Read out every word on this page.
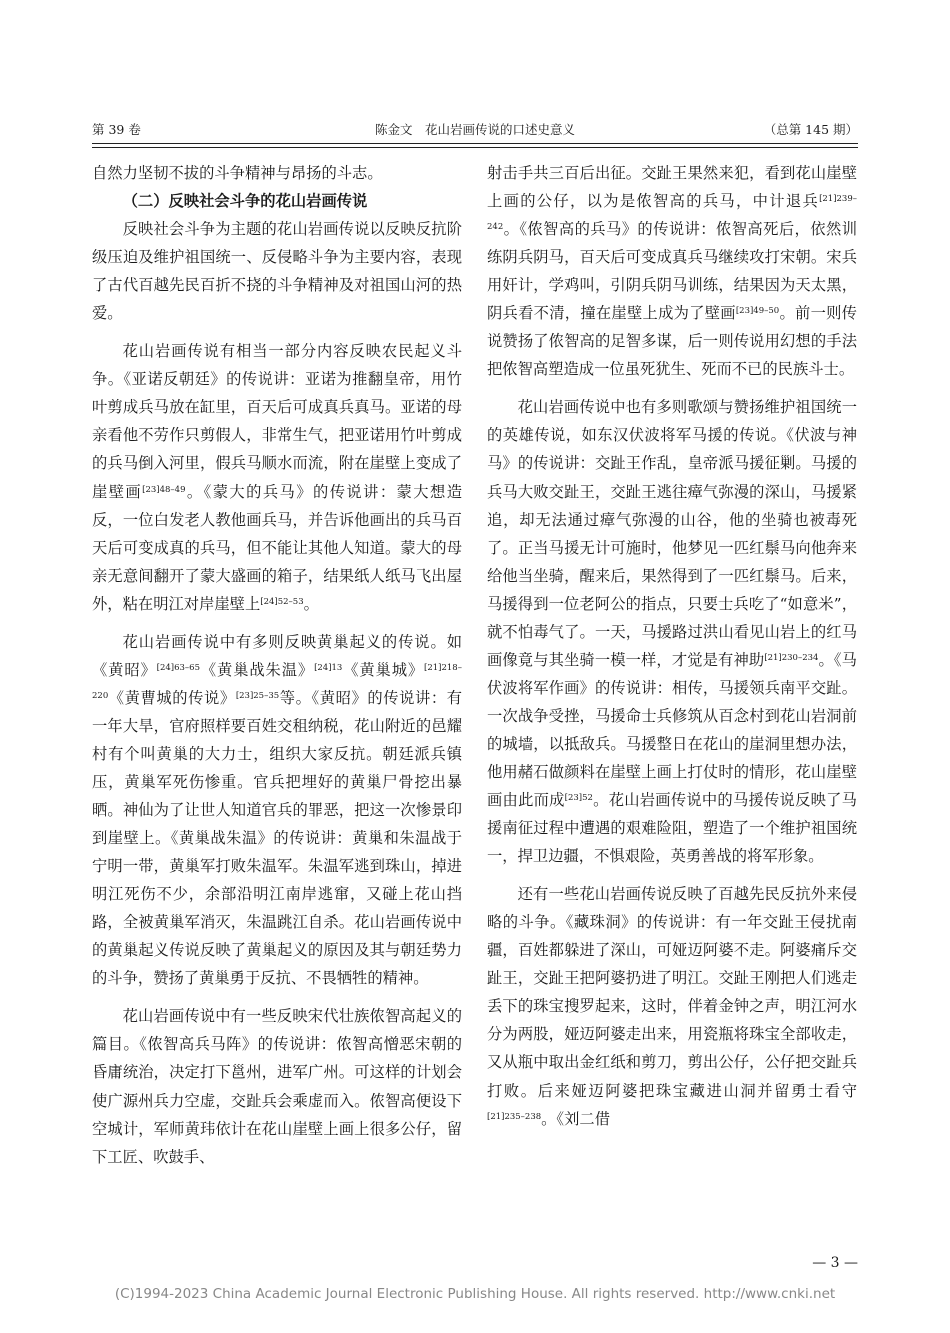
第 39 卷	陈金文　花山岩画传说的口述史意义	（总第 145 期）

自然力坚韧不拔的斗争精神与昂扬的斗志。

（二）反映社会斗争的花山岩画传说

反映社会斗争为主题的花山岩画传说以反映反抗阶级压迫及维护祖国统一、反侵略斗争为主要内容，表现了古代百越先民百折不挠的斗争精神及对祖国山河的热爱。

花山岩画传说有相当一部分内容反映农民起义斗争。《亚诺反朝廷》的传说讲：亚诺为推翻皇帝，用竹叶剪成兵马放在缸里，百天后可成真兵真马。亚诺的母亲看他不劳作只剪假人，非常生气，把亚诺用竹叶剪成的兵马倒入河里，假兵马顺水而流，附在崖壁上变成了崖壁画$^{[23]48-49}$。《蒙大的兵马》的传说讲：蒙大想造反，一位白发老人教他画兵马，并告诉他画出的兵马百天后可变成真的兵马，但不能让其他人知道。蒙大的母亲无意间翻开了蒙大盛画的箱子，结果纸人纸马飞出屋外，粘在明江对岸崖壁上$^{[24]52-53}$。

花山岩画传说中有多则反映黄巢起义的传说。如《黄昭》$^{[24]63-65}$《黄巢战朱温》$^{[24]13}$《黄巢城》$^{[21]218-220}$《黄曹城的传说》$^{[23]25-35}$等。《黄昭》的传说讲：有一年大旱，官府照样要百姓交租纳税，花山附近的邑耀村有个叫黄巢的大力士，组织大家反抗。朝廷派兵镇压，黄巢军死伤惨重。官兵把埋好的黄巢尸骨挖出暴晒。神仙为了让世人知道官兵的罪恶，把这一次惨景印到崖壁上。《黄巢战朱温》的传说讲：黄巢和朱温战于宁明一带，黄巢军打败朱温军。朱温军逃到珠山，掉进明江死伤不少，余部沿明江南岸逃窜，又碰上花山挡路，全被黄巢军消灭，朱温跳江自杀。花山岩画传说中的黄巢起义传说反映了黄巢起义的原因及其与朝廷势力的斗争，赞扬了黄巢勇于反抗、不畏牺牲的精神。

花山岩画传说中有一些反映宋代壮族侬智高起义的篇目。《侬智高兵马阵》的传说讲：侬智高憎恶宋朝的昏庸统治，决定打下邕州，进军广州。可这样的计划会使广源州兵力空虚，交趾兵会乘虚而入。侬智高便设下空城计，军师黄玮依计在花山崖壁上画上很多公仔，留下工匠、吹鼓手、

射击手共三百后出征。交趾王果然来犯，看到花山崖壁上画的公仔，以为是侬智高的兵马，中计退兵$^{[21]239-242}$。《侬智高的兵马》的传说讲：侬智高死后，依然训练阴兵阴马，百天后可变成真兵马继续攻打宋朝。宋兵用奸计，学鸡叫，引阴兵阴马训练，结果因为天太黑，阴兵看不清，撞在崖壁上成为了壁画$^{[23]49-50}$。前一则传说赞扬了侬智高的足智多谋，后一则传说用幻想的手法把侬智高塑造成一位虽死犹生、死而不已的民族斗士。

花山岩画传说中也有多则歌颂与赞扬维护祖国统一的英雄传说，如东汉伏波将军马援的传说。《伏波与神马》的传说讲：交趾王作乱，皇帝派马援征剿。马援的兵马大败交趾王，交趾王逃往瘴气弥漫的深山，马援紧追，却无法通过瘴气弥漫的山谷，他的坐骑也被毒死了。正当马援无计可施时，他梦见一匹红鬃马向他奔来给他当坐骑，醒来后，果然得到了一匹红鬃马。后来，马援得到一位老阿公的指点，只要士兵吃了“如意米”，就不怕毒气了。一天，马援路过洪山看见山岩上的红马画像竟与其坐骑一模一样，才觉是有神助$^{[21]230-234}$。《马伏波将军作画》的传说讲：相传，马援领兵南平交趾。一次战争受挫，马援命士兵修筑从百念村到花山岩洞前的城墙，以抵敌兵。马援整日在花山的崖洞里想办法，他用赭石做颜料在崖壁上画上打仗时的情形，花山崖壁画由此而成$^{[23]52}$。花山岩画传说中的马援传说反映了马援南征过程中遭遇的艰难险阻，塑造了一个维护祖国统一，捍卫边疆，不惧艰险，英勇善战的将军形象。

还有一些花山岩画传说反映了百越先民反抗外来侵略的斗争。《藏珠洞》的传说讲：有一年交趾王侵扰南疆，百姓都躲进了深山，可娅迈阿婆不走。阿婆痛斥交趾王，交趾王把阿婆扔进了明江。交趾王刚把人们逃走丢下的珠宝搜罗起来，这时，伴着金钟之声，明江河水分为两股，娅迈阿婆走出来，用瓷瓶将珠宝全部收走，又从瓶中取出金红纸和剪刀，剪出公仔，公仔把交趾兵打败。后来娅迈阿婆把珠宝藏进山洞并留勇士看守$^{[21]235-238}$。《刘二借

— 3 —
(C)1994-2023 China Academic Journal Electronic Publishing House. All rights reserved. http://www.cnki.net
